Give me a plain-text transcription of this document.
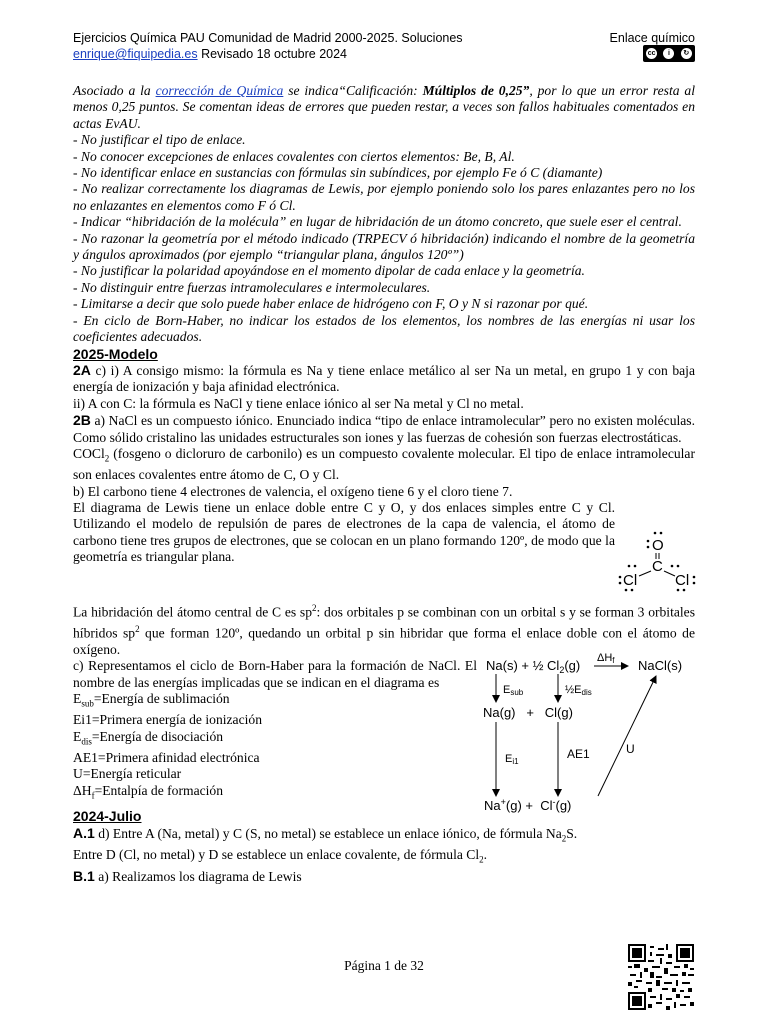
Ejercicios Química PAU Comunidad de Madrid 2000-2025. Soluciones
enrique@fiquipedia.es Revisado 18 octubre 2024
Enlace químico
cc	i	↻

Asociado a la corrección de Química se indica“Calificación: Múltiplos de 0,25”, por lo que un error resta al menos 0,25 puntos. Se comentan ideas de errores que pueden restar, a veces son fallos habituales comentados en actas EvAU.

- No justificar el tipo de enlace.

- No conocer excepciones de enlaces covalentes con ciertos elementos: Be, B, Al.

- No identificar enlace en sustancias con fórmulas sin subíndices, por ejemplo Fe ó C (diamante)

- No realizar correctamente los diagramas de Lewis, por ejemplo poniendo solo los pares enlazantes pero no los no enlazantes en elementos como F ó Cl.

- Indicar “hibridación de la molécula” en lugar de hibridación de un átomo concreto, que suele eser el central.

- No razonar la geometría por el método indicado (TRPECV ó hibridación) indicando el nombre de la geometría y ángulos aproximados (por ejemplo “triangular plana, ángulos 120º”)

- No justificar la polaridad apoyándose en el momento dipolar de cada enlace y la geometría.

- No distinguir entre fuerzas intramoleculares e intermoleculares.

- Limitarse a decir que solo puede haber enlace de hidrógeno con F, O y N si razonar por qué.

- En ciclo de Born-Haber, no indicar los estados de los elementos, los nombres de las energías ni usar los coeficientes adecuados.

2025-Modelo

2A c) i) A consigo mismo: la fórmula es Na y tiene enlace metálico al ser Na un metal, en grupo 1 y con baja energía de ionización y baja afinidad electrónica.

ii) A con C: la fórmula es NaCl y tiene enlace iónico al ser Na metal y Cl no metal.

2B a) NaCl es un compuesto iónico. Enunciado indica “tipo de enlace intramolecular” pero no existen moléculas. Como sólido cristalino las unidades estructurales son iones y las fuerzas de cohesión son fuerzas electrostáticas.

COCl$_2$ (fosgeno o dicloruro de carbonilo) es un compuesto covalente molecular. El tipo de enlace intramolecular son enlaces covalentes entre átomo de C, O y Cl.

b) El carbono tiene 4 electrones de valencia, el oxígeno tiene 6 y el cloro tiene 7.

El diagrama de Lewis tiene un enlace doble entre C y O, y dos enlaces simples entre C y Cl. Utilizando el modelo de repulsión de pares de electrones de la capa de valencia, el átomo de carbono tiene tres grupos de electrones, que se colocan en un plano formando 120º, de modo que la geometría es triangular plana.

La hibridación del átomo central de C es $sp^2$: dos orbitales p se combinan con un orbital s y se forman 3 orbitales híbridos $sp^2$ que forman 120º, quedando un orbital p sin hibridar que forma el enlace doble con el átomo de oxígeno.

c) Representamos el ciclo de Born-Haber para la formación de NaCl. El nombre de las energías implicadas que se indican en el diagrama es

$E_{sub}=Energía$ de sublimación

Ei1=Primera energía de ionización

$E_{dis}=Energía$ de disociación

AE1=Primera afinidad electrónica

U=Energía reticular

$\Delta H_f=Entalpía$ de formación

2024-Julio

A.1 d) Entre A (Na, metal) y C (S, no metal) se establece un enlace iónico, de fórmula $Na_2S$.

Entre D (Cl, no metal) y D se establece un enlace covalente, de fórmula $Cl_2$.

B.1 a) Realizamos los diagrama de Lewis

O
C
Cl	Cl
Na(s) + ½ $Cl_2(g)$ ΔHf NaCl(s)
Esub	½Edis
Na(g)   +   Cl(g)
Ei1
AE1	U
Na+(g) +  Cl-(g)
Página 1 de 32
